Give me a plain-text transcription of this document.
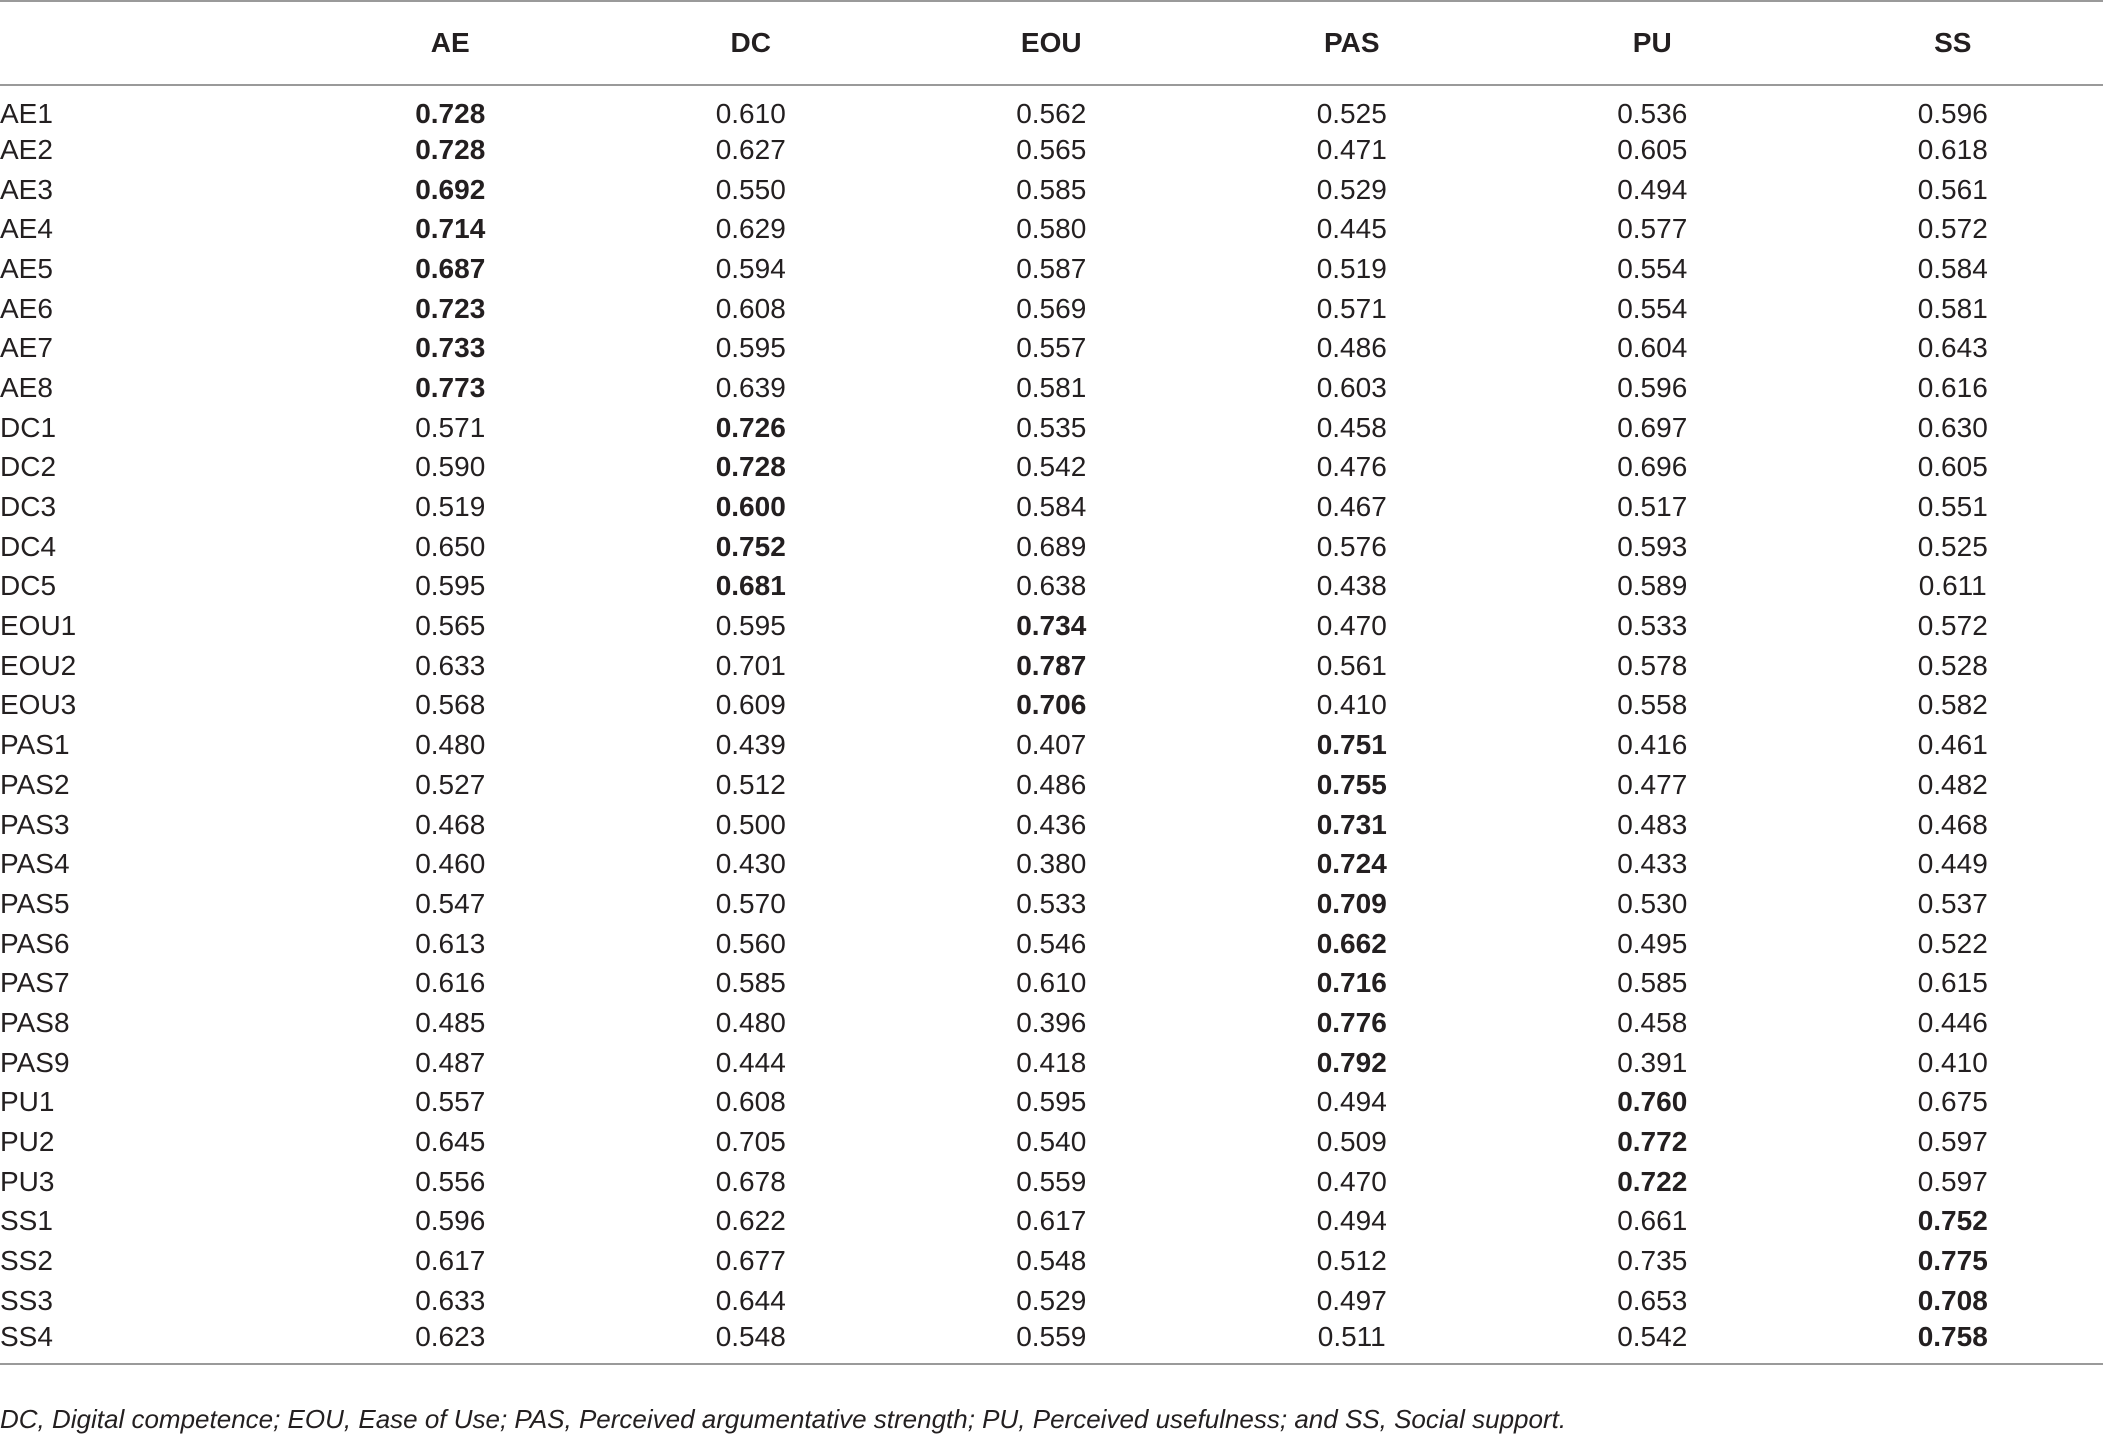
	AE	DC	EOU	PAS	PU	SS
AE1	0.728	0.610	0.562	0.525	0.536	0.596
AE2	0.728	0.627	0.565	0.471	0.605	0.618
AE3	0.692	0.550	0.585	0.529	0.494	0.561
AE4	0.714	0.629	0.580	0.445	0.577	0.572
AE5	0.687	0.594	0.587	0.519	0.554	0.584
AE6	0.723	0.608	0.569	0.571	0.554	0.581
AE7	0.733	0.595	0.557	0.486	0.604	0.643
AE8	0.773	0.639	0.581	0.603	0.596	0.616
DC1	0.571	0.726	0.535	0.458	0.697	0.630
DC2	0.590	0.728	0.542	0.476	0.696	0.605
DC3	0.519	0.600	0.584	0.467	0.517	0.551
DC4	0.650	0.752	0.689	0.576	0.593	0.525
DC5	0.595	0.681	0.638	0.438	0.589	0.611
EOU1	0.565	0.595	0.734	0.470	0.533	0.572
EOU2	0.633	0.701	0.787	0.561	0.578	0.528
EOU3	0.568	0.609	0.706	0.410	0.558	0.582
PAS1	0.480	0.439	0.407	0.751	0.416	0.461
PAS2	0.527	0.512	0.486	0.755	0.477	0.482
PAS3	0.468	0.500	0.436	0.731	0.483	0.468
PAS4	0.460	0.430	0.380	0.724	0.433	0.449
PAS5	0.547	0.570	0.533	0.709	0.530	0.537
PAS6	0.613	0.560	0.546	0.662	0.495	0.522
PAS7	0.616	0.585	0.610	0.716	0.585	0.615
PAS8	0.485	0.480	0.396	0.776	0.458	0.446
PAS9	0.487	0.444	0.418	0.792	0.391	0.410
PU1	0.557	0.608	0.595	0.494	0.760	0.675
PU2	0.645	0.705	0.540	0.509	0.772	0.597
PU3	0.556	0.678	0.559	0.470	0.722	0.597
SS1	0.596	0.622	0.617	0.494	0.661	0.752
SS2	0.617	0.677	0.548	0.512	0.735	0.775
SS3	0.633	0.644	0.529	0.497	0.653	0.708
SS4	0.623	0.548	0.559	0.511	0.542	0.758
DC, Digital competence; EOU, Ease of Use; PAS, Perceived argumentative strength; PU, Perceived usefulness; and SS, Social support.
